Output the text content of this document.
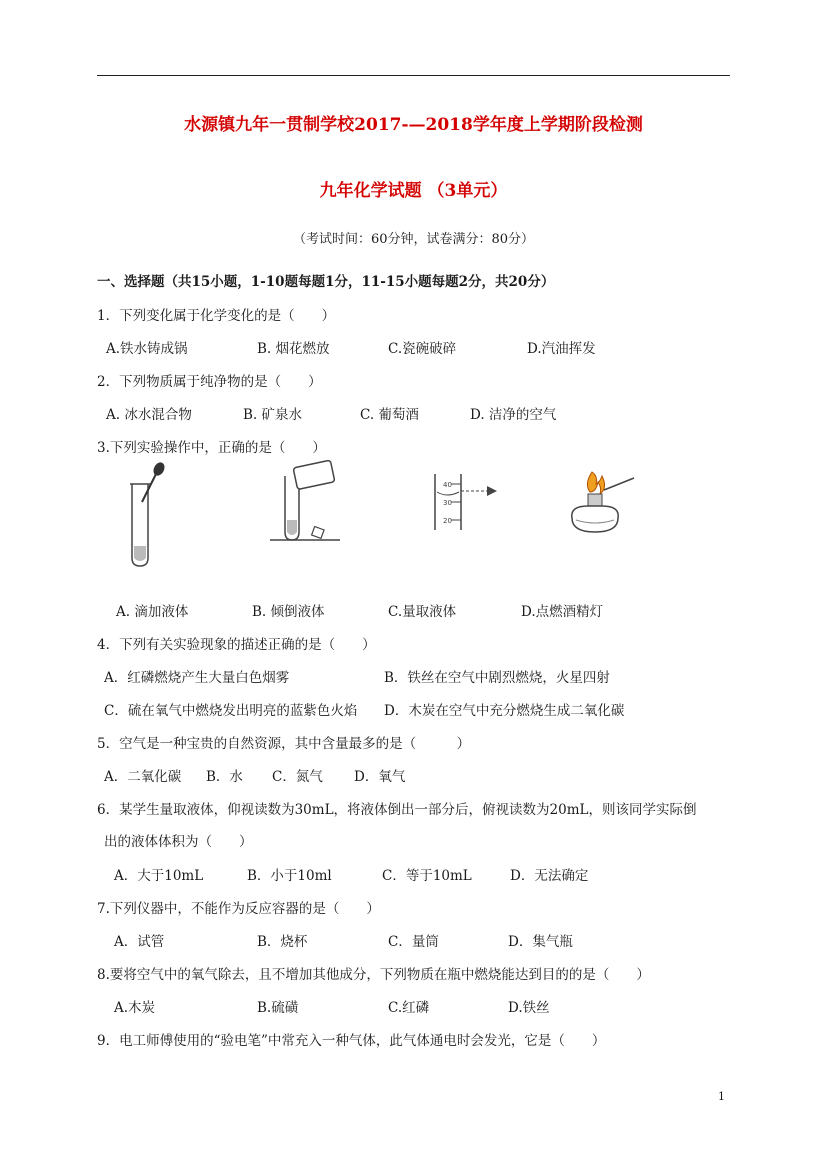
水源镇九年一贯制学校2017-—2018学年度上学期阶段检测
九年化学试题 （3单元）
（考试时间：60分钟，试卷满分：80分）
一、选择题（共15小题，1-10题每题1分，11-15小题每题2分，共20分）
1．下列变化属于化学变化的是（　　）
A.铁水铸成锅	B. 烟花燃放	C.瓷碗破碎	D.汽油挥发
2．下列物质属于纯净物的是（　　）
A. 冰水混合物	B. 矿泉水	C. 葡萄酒	D. 洁净的空气
3.下列实验操作中，正确的是（　　）
40
30
20
A. 滴加液体	B. 倾倒液体	C.量取液体	D.点燃酒精灯
4．下列有关实验现象的描述正确的是（　　）
A．红磷燃烧产生大量白色烟雾	B．铁丝在空气中剧烈燃烧，火星四射
C．硫在氧气中燃烧发出明亮的蓝紫色火焰 D．木炭在空气中充分燃烧生成二氧化碳
5．空气是一种宝贵的自然资源，其中含量最多的是（　　　）
A．二氧化碳 B．水 C．氮气 D．氧气
6．某学生量取液体，仰视读数为30mL，将液体倒出一部分后，俯视读数为20mL，则该同学实际倒
出的液体体积为（　　）
A．大于10mL	B．小于10ml	C．等于10mL	D．无法确定
7.下列仪器中，不能作为反应容器的是（　　）
A．试管	B．烧杯	C．量筒	D．集气瓶
8.要将空气中的氧气除去，且不增加其他成分，下列物质在瓶中燃烧能达到目的的是（　　）
A.木炭	B.硫磺	C.红磷	D.铁丝
9．电工师傅使用的“验电笔”中常充入一种气体，此气体通电时会发光，它是（　　）
1
